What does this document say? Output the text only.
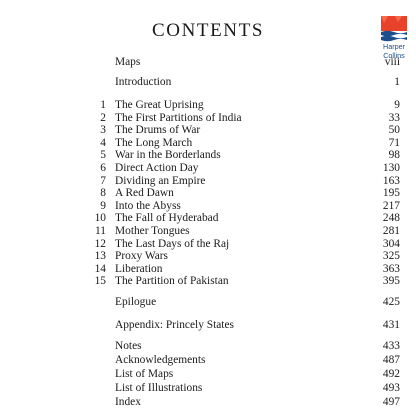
CONTENTS
Harper
Collins
Maps	viii
Introduction	1
1 The Great Uprising	9
2 The First Partitions of India	33
3 The Drums of War	50
4 The Long March	71
5 War in the Borderlands	98
6 Direct Action Day	130
7 Dividing an Empire	163
8 A Red Dawn	195
9 Into the Abyss	217
10 The Fall of Hyderabad	248
11 Mother Tongues	281
12 The Last Days of the Raj	304
13 Proxy Wars	325
14 Liberation	363
15 The Partition of Pakistan	395
Epilogue	425
Appendix: Princely States	431
Notes	433
Acknowledgements	487
List of Maps	492
List of Illustrations	493
Index	497
